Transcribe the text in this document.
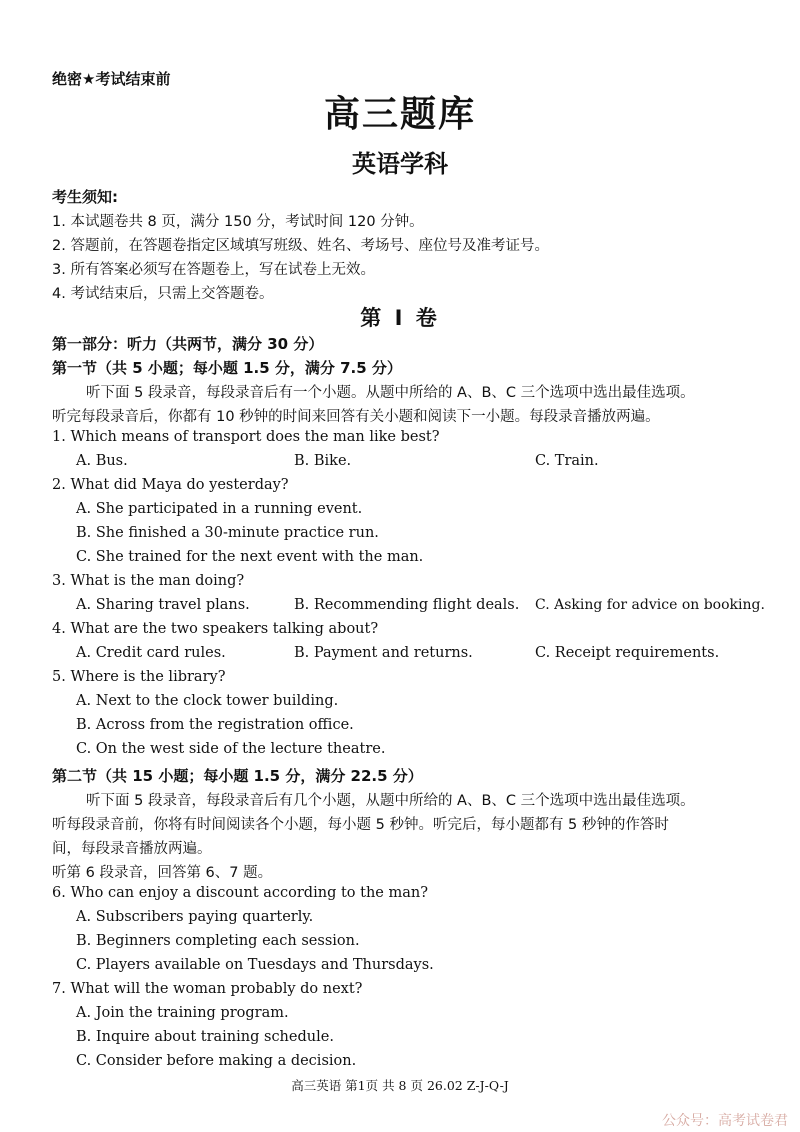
绝密★考试结束前
高三题库
英语学科
考生须知:
1. 本试题卷共 8 页，满分 150 分，考试时间 120 分钟。
2. 答题前，在答题卷指定区域填写班级、姓名、考场号、座位号及准考证号。
3. 所有答案必须写在答题卷上，写在试卷上无效。
4. 考试结束后，只需上交答题卷。
第 I 卷
第一部分：听力（共两节，满分 30 分）
第一节（共 5 小题；每小题 1.5 分，满分 7.5 分）
听下面 5 段录音，每段录音后有一个小题。从题中所给的 A、B、C 三个选项中选出最佳选项。
听完每段录音后，你都有 10 秒钟的时间来回答有关小题和阅读下一小题。每段录音播放两遍。
1. Which means of transport does the man like best?
A. Bus.	B. Bike.	C. Train.
2. What did Maya do yesterday?
A. She participated in a running event.
B. She finished a 30-minute practice run.
C. She trained for the next event with the man.
3. What is the man doing?
A. Sharing travel plans.	B. Recommending flight deals. C. Asking for advice on booking.
4. What are the two speakers talking about?
A. Credit card rules.	B. Payment and returns.	C. Receipt requirements.
5. Where is the library?
A. Next to the clock tower building.
B. Across from the registration office.
C. On the west side of the lecture theatre.
第二节（共 15 小题；每小题 1.5 分，满分 22.5 分）
听下面 5 段录音，每段录音后有几个小题，从题中所给的 A、B、C 三个选项中选出最佳选项。
听每段录音前，你将有时间阅读各个小题，每小题 5 秒钟。听完后，每小题都有 5 秒钟的作答时
间，每段录音播放两遍。
听第 6 段录音，回答第 6、7 题。
6. Who can enjoy a discount according to the man?
A. Subscribers paying quarterly.
B. Beginners completing each session.
C. Players available on Tuesdays and Thursdays.
7. What will the woman probably do next?
A. Join the training program.
高三英语 第1页 共 8 页 26.02 Z-J-Q-J
公众号：高考试卷君
B. Inquire about training schedule.
C. Consider before making a decision.
